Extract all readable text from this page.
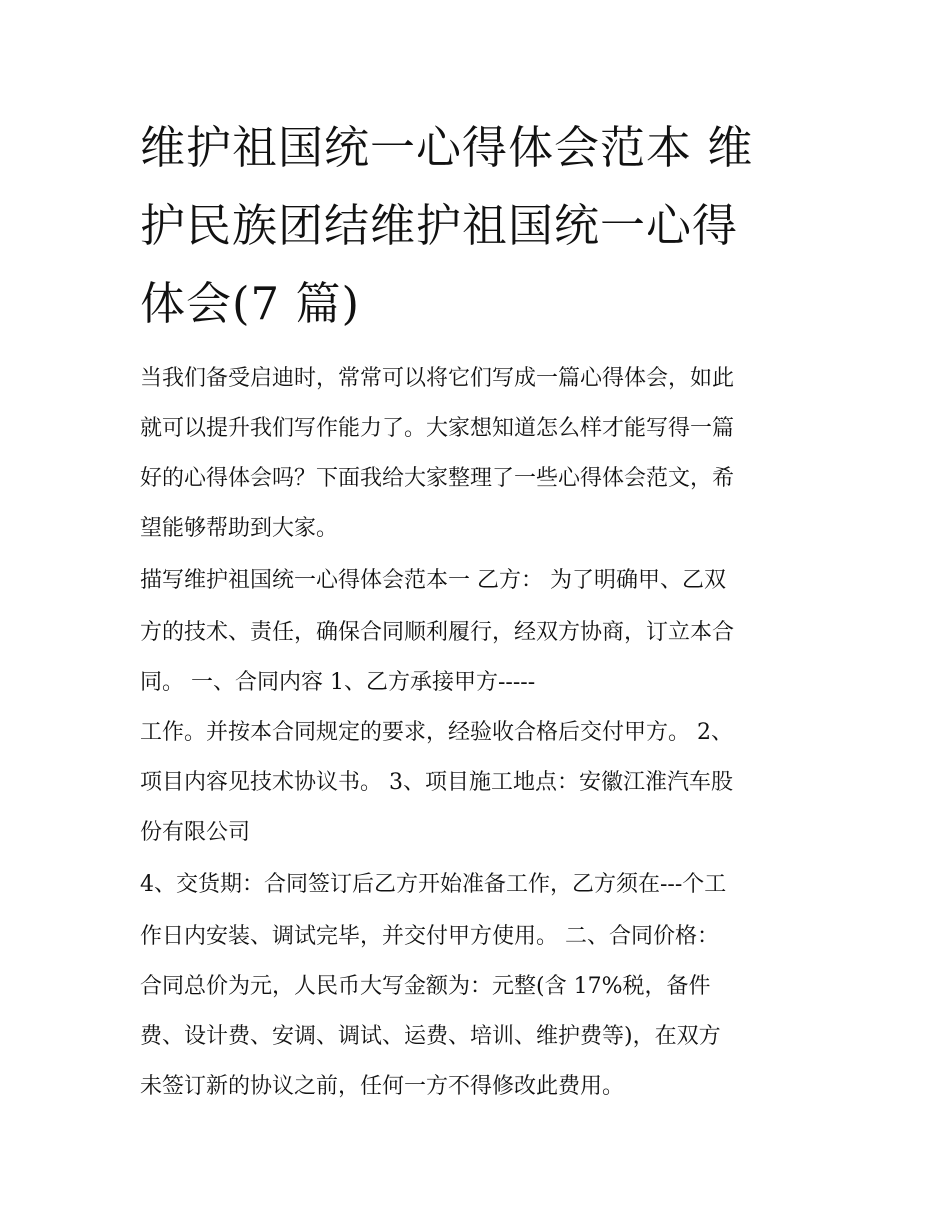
维护祖国统一心得体会范本 维
护民族团结维护祖国统一心得
体会(7 篇)
当我们备受启迪时，常常可以将它们写成一篇心得体会，如此
就可以提升我们写作能力了。大家想知道怎么样才能写得一篇
好的心得体会吗？下面我给大家整理了一些心得体会范文，希
望能够帮助到大家。
描写维护祖国统一心得体会范本一 乙方： 为了明确甲、乙双
方的技术、责任，确保合同顺利履行，经双方协商，订立本合
同。 一、合同内容 1、乙方承接甲方-----
工作。并按本合同规定的要求，经验收合格后交付甲方。 2、
项目内容见技术协议书。 3、项目施工地点：安徽江淮汽车股
份有限公司
4、交货期：合同签订后乙方开始准备工作，乙方须在---个工
作日内安装、调试完毕，并交付甲方使用。 二、合同价格：
合同总价为元，人民币大写金额为：元整(含 17%税，备件
费、设计费、安调、调试、运费、培训、维护费等)，在双方
未签订新的协议之前，任何一方不得修改此费用。
